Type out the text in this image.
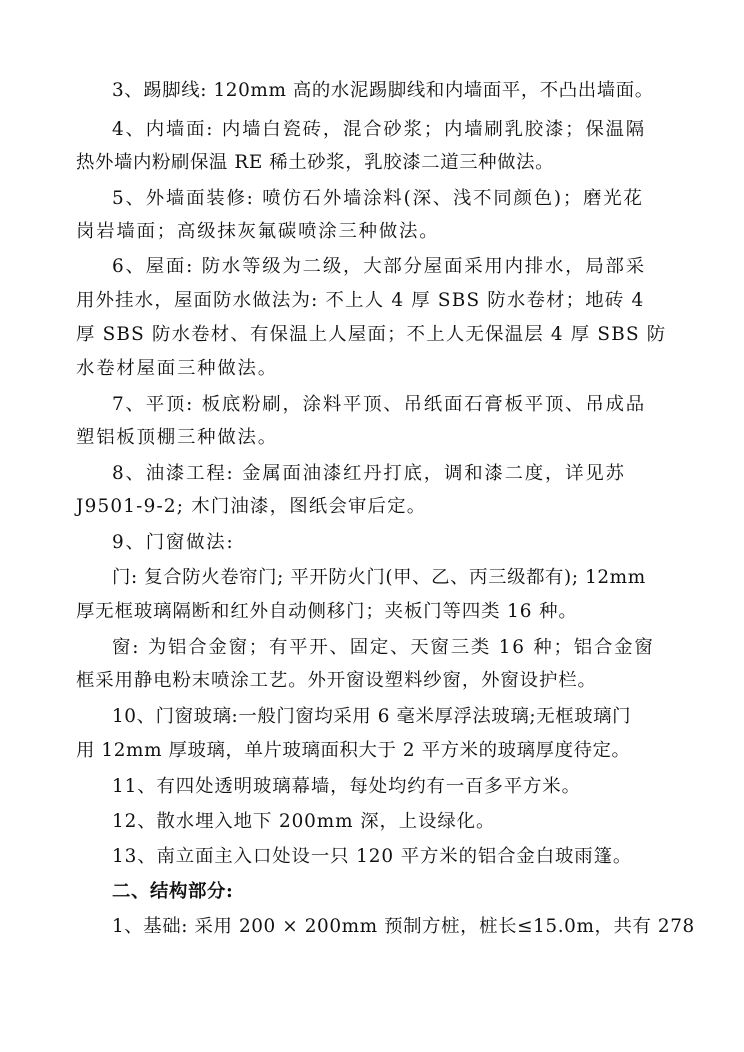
3、踢脚线: 120mm 高的水泥踢脚线和内墙面平，不凸出墙面。
4、内墙面: 内墙白瓷砖，混合砂浆；内墙刷乳胶漆；保温隔
热外墙内粉刷保温 RE 稀土砂浆，乳胶漆二道三种做法。
5、外墙面装修: 喷仿石外墙涂料(深、浅不同颜色)；磨光花
岗岩墙面；高级抹灰氟碳喷涂三种做法。
6、屋面: 防水等级为二级，大部分屋面采用内排水，局部采
用外挂水，屋面防水做法为: 不上人 4 厚 SBS 防水卷材；地砖 4
厚 SBS 防水卷材、有保温上人屋面；不上人无保温层 4 厚 SBS 防
水卷材屋面三种做法。
7、平顶: 板底粉刷，涂料平顶、吊纸面石膏板平顶、吊成品
塑铝板顶棚三种做法。
8、油漆工程: 金属面油漆红丹打底，调和漆二度，详见苏
J9501-9-2; 木门油漆，图纸会审后定。
9、门窗做法:
门: 复合防火卷帘门; 平开防火门(甲、乙、丙三级都有); 12mm
厚无框玻璃隔断和红外自动侧移门；夹板门等四类 16 种。
窗: 为铝合金窗；有平开、固定、天窗三类 16 种；铝合金窗
框采用静电粉末喷涂工艺。外开窗设塑料纱窗，外窗设护栏。
10、门窗玻璃:一般门窗均采用 6 毫米厚浮法玻璃;无框玻璃门
用 12mm 厚玻璃，单片玻璃面积大于 2 平方米的玻璃厚度待定。
11、有四处透明玻璃幕墙，每处均约有一百多平方米。
12、散水埋入地下 200mm 深，上设绿化。
13、南立面主入口处设一只 120 平方米的铝合金白玻雨篷。
二、结构部分:
1、基础: 采用 200 × 200mm 预制方桩，桩长≤15.0m，共有 278
